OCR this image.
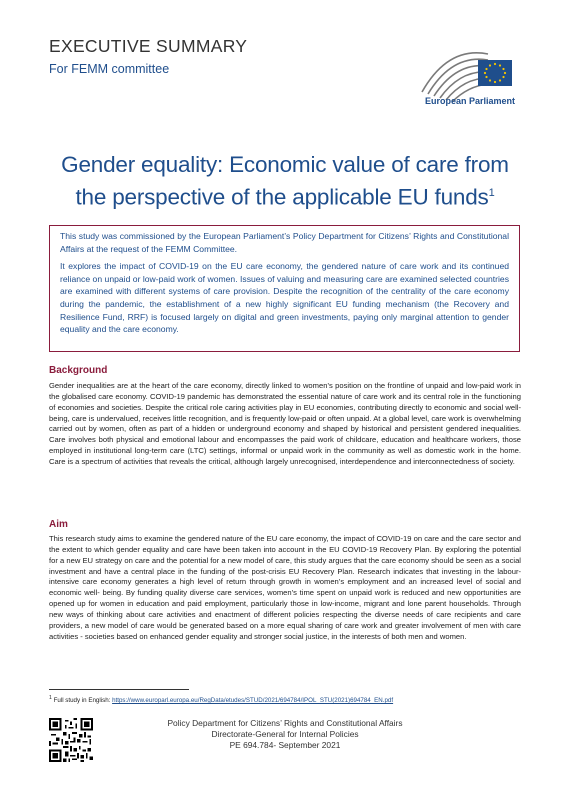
EXECUTIVE SUMMARY
For FEMM committee
European Parliament
Gender equality: Economic value of care from
the perspective of the applicable EU funds$^1$

This study was commissioned by the European Parliament’s Policy Department for Citizens’ Rights and Constitutional Affairs at the request of the FEMM Committee.

It explores the impact of COVID-19 on the EU care economy, the gendered nature of care work and its continued reliance on unpaid or low-paid work of women. Issues of valuing and measuring care are examined selected countries are examined with different systems of care provision. Despite the recognition of the centrality of the care economy during the pandemic, the establishment of a new highly significant EU funding mechanism (the Recovery and Resilience Fund, RRF) is focused largely on digital and green investments, paying only marginal attention to gender equality and the care economy.

Background

Gender inequalities are at the heart of the care economy, directly linked to women’s position on the frontline of unpaid and low-paid work in the globalised care economy. COVID-19 pandemic has demonstrated the essential nature of care work and its central role in the functioning of economies and societies. Despite the critical role caring activities play in EU economies, contributing directly to economic and social well-being, care is undervalued, receives little recognition, and is frequently low-paid or often unpaid. At a global level, care work is overwhelming carried out by women, often as part of a hidden or underground economy and shaped by historical and persistent gendered inequalities. Care involves both physical and emotional labour and encompasses the paid work of childcare, education and healthcare workers, those employed in institutional long-term care (LTC) settings, informal or unpaid work in the community as well as domestic work in the home. Care is a spectrum of activities that reveals the critical, although largely unrecognised, interdependence and interconnectedness of society.

Aim

This research study aims to examine the gendered nature of the EU care economy, the impact of COVID-19 on care and the care sector and the extent to which gender equality and care have been taken into account in the EU COVID-19 Recovery Plan. By exploring the potential for a new EU strategy on care and the potential for a new model of care, this study argues that the care economy should be seen as a social investment and have a central place in the funding of the post-crisis EU Recovery Plan. Research indicates that investing in the labour-intensive care economy generates a high level of return through growth in women’s employment and an increased level of social and economic well- being. By funding quality diverse care services, women’s time spent on unpaid work is reduced and new opportunities are opened up for women in education and paid employment, particularly those in low-income, migrant and lone parent households. Through new ways of thinking about care activities and enactment of different policies respecting the diverse needs of care recipients and care providers, a new model of care would be generated based on a more equal sharing of care work and greater involvement of men with care activities - societies based on enhanced gender equality and stronger social justice, in the interests of both men and women.

$^1$ Full study in English: https://www.europarl.europa.eu/RegData/etudes/STUD/2021/694784/IPOL_STU(2021)694784_EN.pdf
Policy Department for Citizens’ Rights and Constitutional Affairs
Directorate-General for Internal Policies
PE 694.784- September 2021
